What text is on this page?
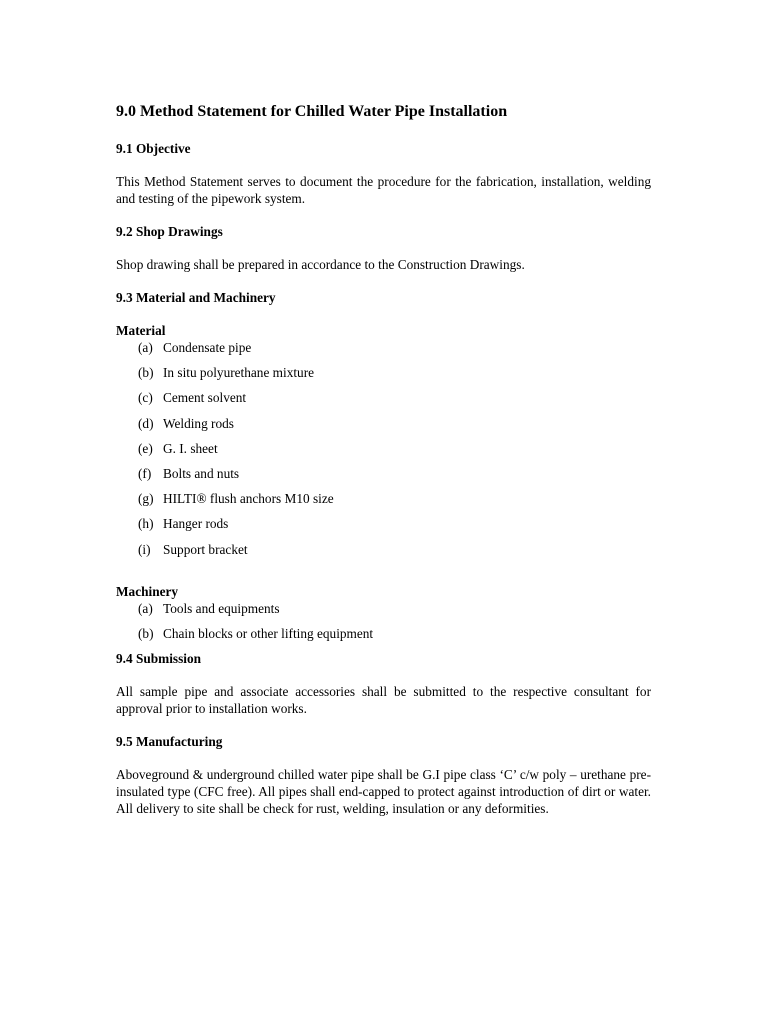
9.0 Method Statement for Chilled Water Pipe Installation
9.1 Objective

This Method Statement serves to document the procedure for the fabrication, installation, welding and testing of the pipework system.

9.2 Shop Drawings

Shop drawing shall be prepared in accordance to the Construction Drawings.

9.3 Material and Machinery
Material
(a) Condensate pipe
(b) In situ polyurethane mixture
(c) Cement solvent
(d) Welding rods
(e) G. I. sheet
(f) Bolts and nuts
(g) HILTI® flush anchors M10 size
(h) Hanger rods
(i) Support bracket
Machinery
(a) Tools and equipments
(b) Chain blocks or other lifting equipment
9.4 Submission

All sample pipe and associate accessories shall be submitted to the respective consultant for approval prior to installation works.

9.5 Manufacturing

Aboveground & underground chilled water pipe shall be G.I pipe class ‘C’ c/w poly – urethane pre-insulated type (CFC free). All pipes shall end-capped to protect against introduction of dirt or water. All delivery to site shall be check for rust, welding, insulation or any deformities.
